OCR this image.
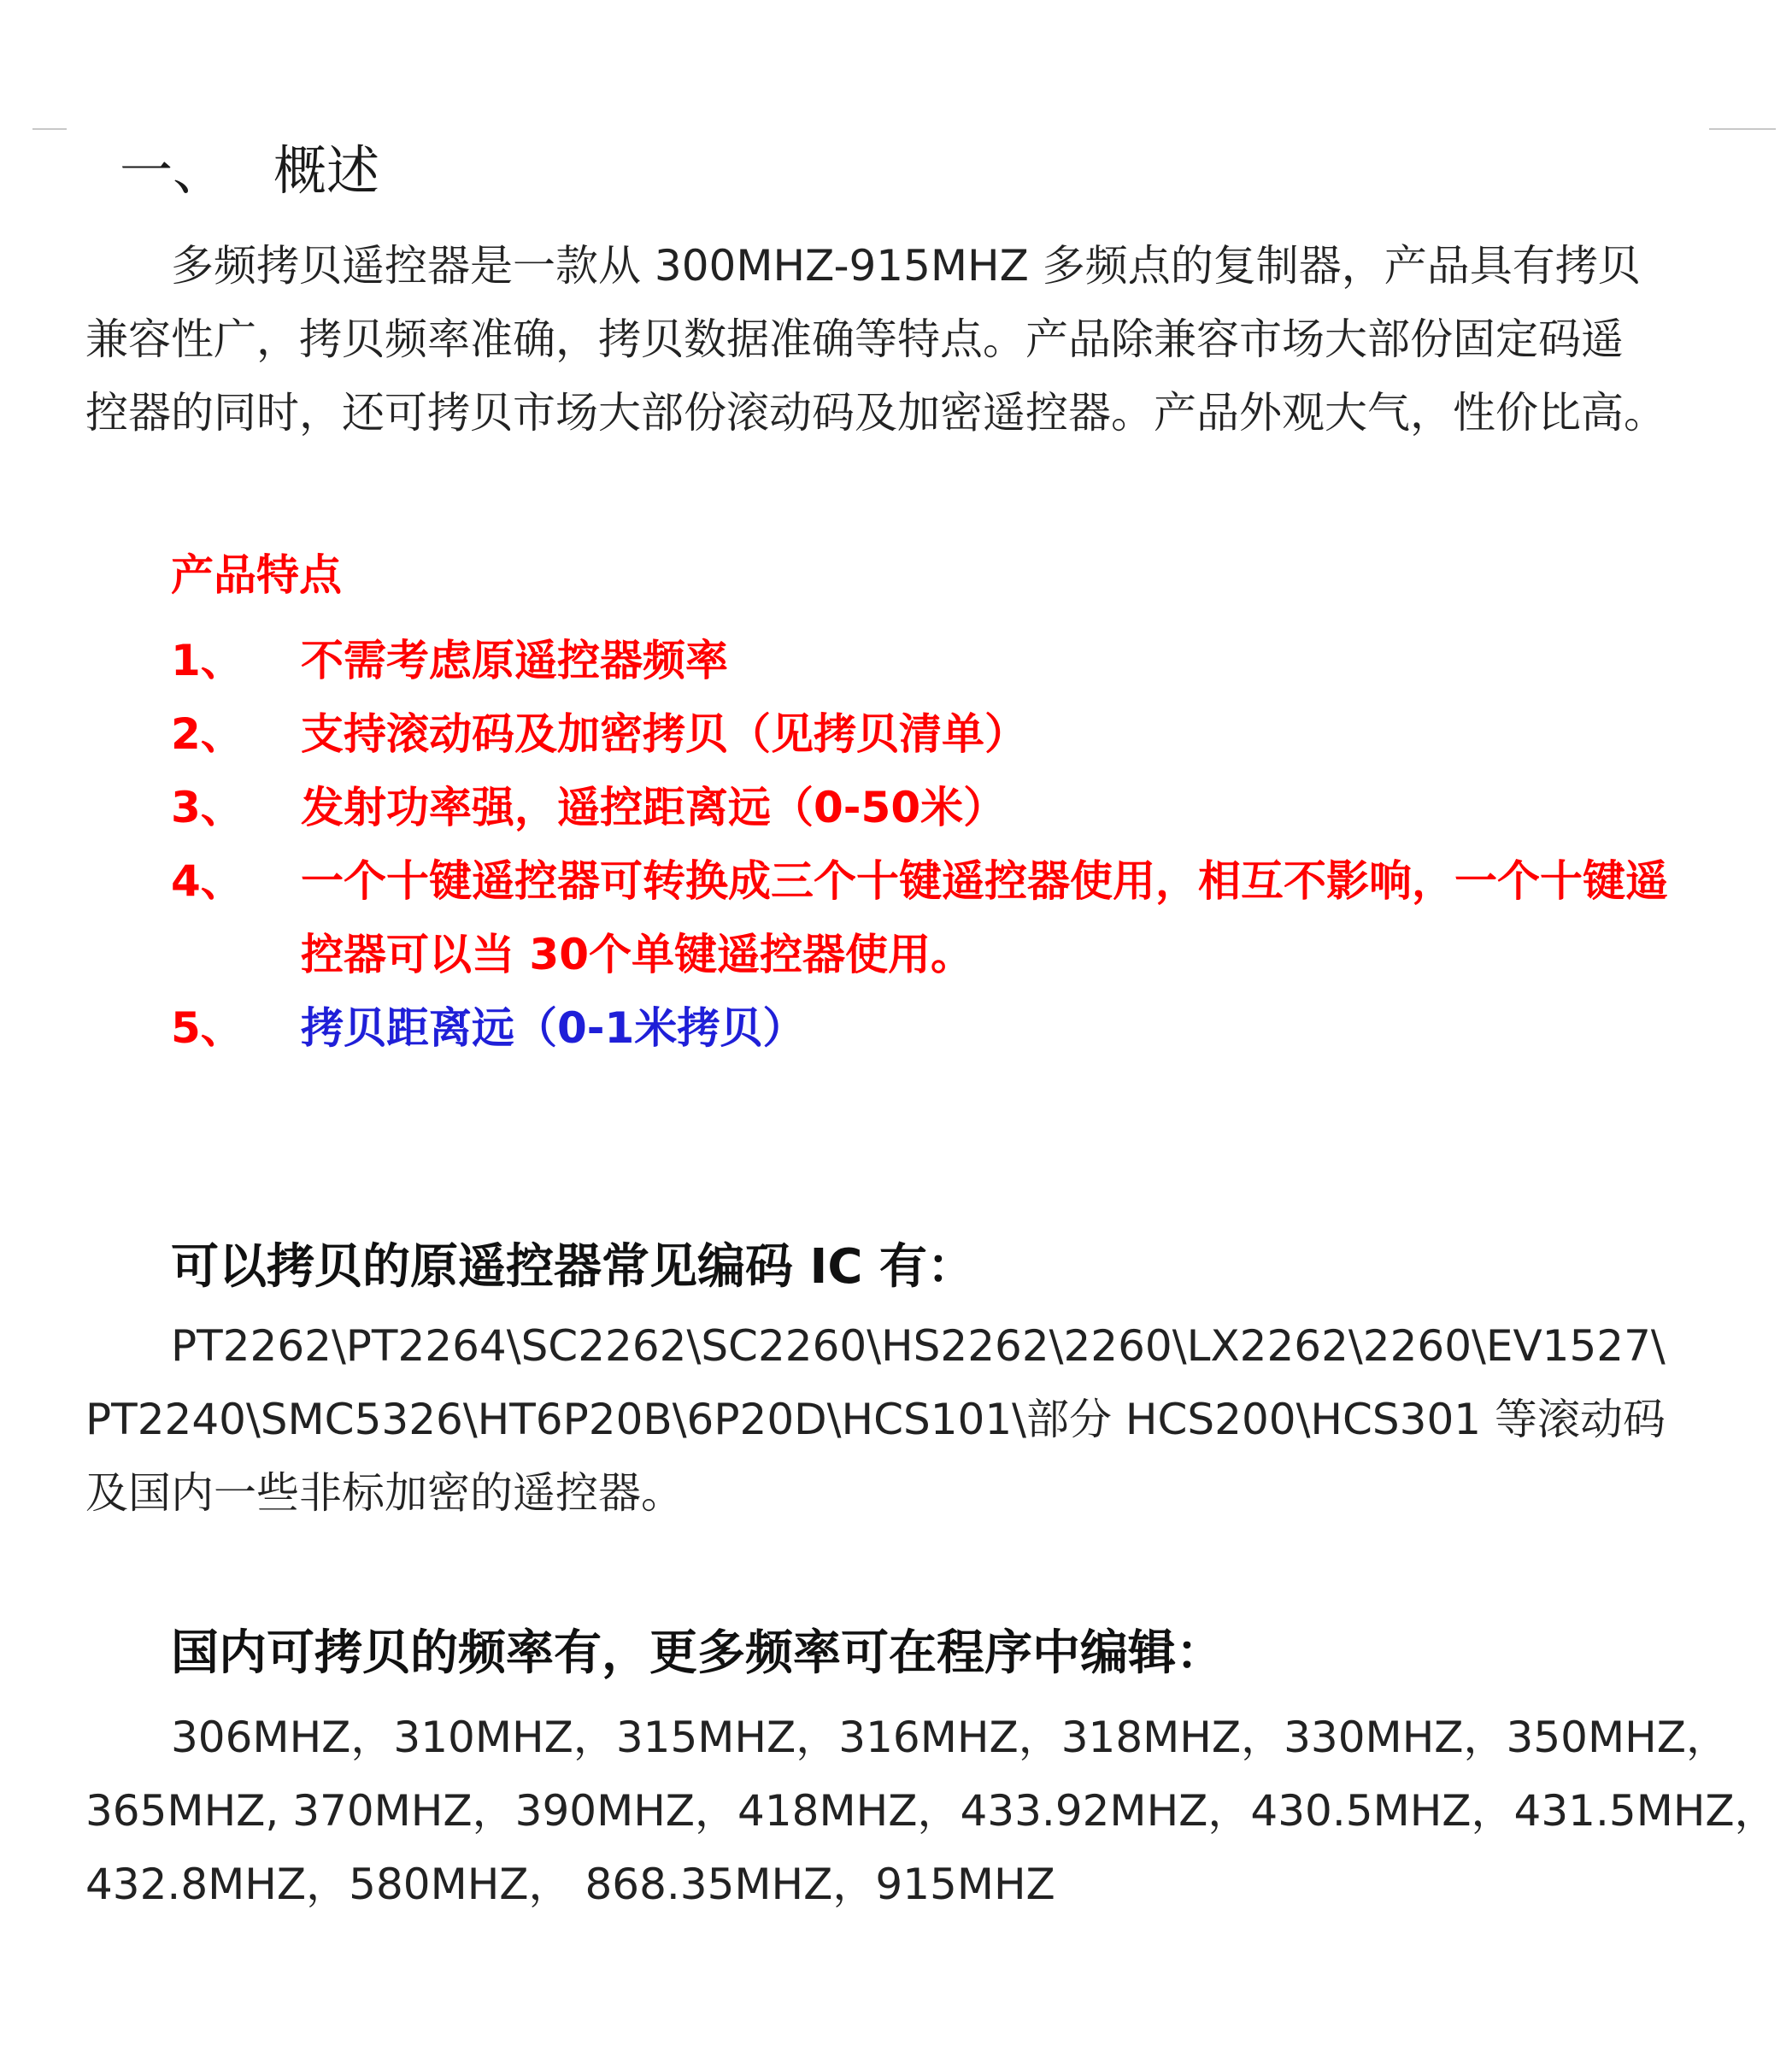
一、 概述
多频拷贝遥控器是一款从 300MHZ-915MHZ 多频点的复制器，产品具有拷贝
兼容性广，拷贝频率准确，拷贝数据准确等特点。产品除兼容市场大部份固定码遥
控器的同时，还可拷贝市场大部份滚动码及加密遥控器。产品外观大气，性价比高。
产品特点
1、 不需考虑原遥控器频率
2、 支持滚动码及加密拷贝（见拷贝清单）
3、 发射功率强，遥控距离远（0-50米）
4、 一个十键遥控器可转换成三个十键遥控器使用，相互不影响，一个十键遥
控器可以当 30个单键遥控器使用。
5、 拷贝距离远（0-1米拷贝）
可以拷贝的原遥控器常见编码 IC 有：
PT2262\PT2264\SC2262\SC2260\HS2262\2260\LX2262\2260\EV1527\
PT2240\SMC5326\HT6P20B\6P20D\HCS101\部分 HCS200\HCS301 等滚动码
及国内一些非标加密的遥控器。
国内可拷贝的频率有，更多频率可在程序中编辑：
306MHZ，310MHZ，315MHZ，316MHZ，318MHZ，330MHZ，350MHZ，
365MHZ, 370MHZ，390MHZ，418MHZ，433.92MHZ，430.5MHZ，431.5MHZ，
432.8MHZ，580MHZ， 868.35MHZ，915MHZ
